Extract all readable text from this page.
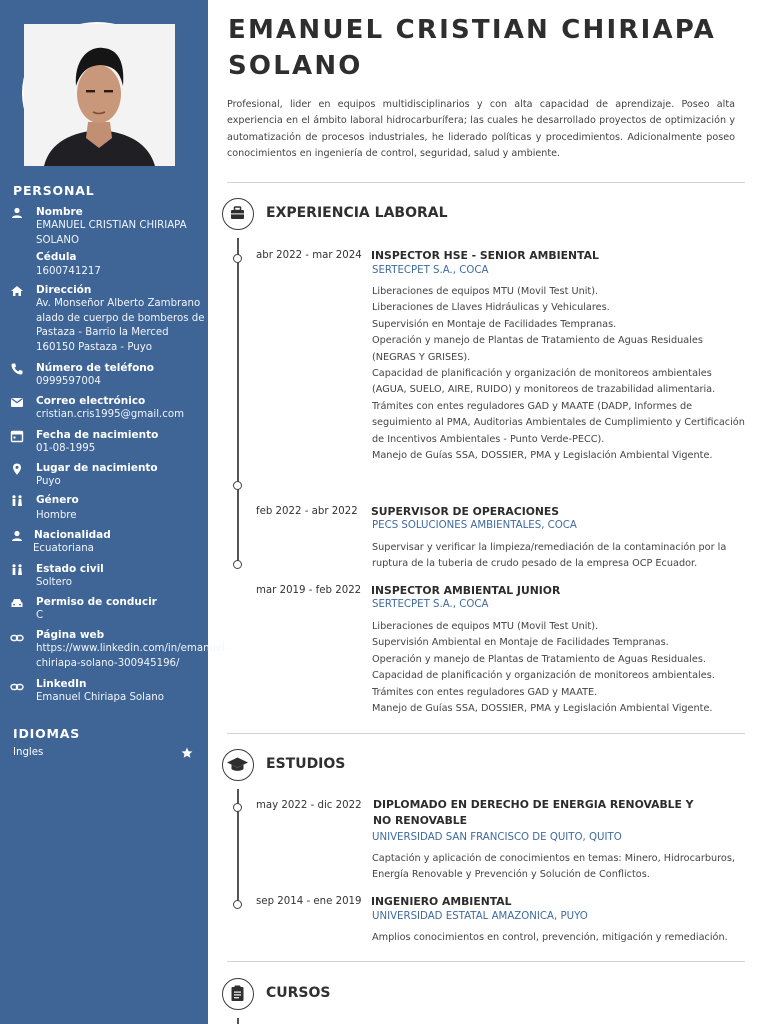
PERSONAL
Nombre
EMANUEL CRISTIAN CHIRIAPA
SOLANO
Cédula
1600741217
Dirección
Av. Monseñor Alberto Zambrano
alado de cuerpo de bomberos de
Pastaza - Barrio la Merced
160150 Pastaza - Puyo
Número de teléfono
0999597004
Correo electrónico
cristian.cris1995@gmail.com
Fecha de nacimiento
01-08-1995
Lugar de nacimiento
Puyo
Género
Hombre
Nacionalidad
Ecuatoriana
Estado civil
Soltero
Permiso de conducir
C
Página web
https://www.linkedin.com/in/emanuel-
chiriapa-solano-300945196/
LinkedIn
Emanuel Chiriapa Solano
IDIOMAS
Ingles
EMANUEL CRISTIAN CHIRIAPA
SOLANO
Profesional, lider en equipos multidisciplinarios y con alta capacidad de aprendizaje. Poseo alta experiencia en el ámbito laboral hidrocarburífera; las cuales he desarrollado proyectos de optimización y automatización de procesos industriales, he liderado políticas y procedimientos. Adicionalmente poseo conocimientos en ingeniería de control, seguridad, salud y ambiente.
EXPERIENCIA LABORAL
abr 2022 - mar 2024 INSPECTOR HSE - SENIOR AMBIENTAL
SERTECPET S.A., COCA

Liberaciones de equipos MTU (Movil Test Unit).

Liberaciones de Llaves Hidráulicas y Vehiculares.

Supervisión en Montaje de Facilidades Tempranas.

Operación y manejo de Plantas de Tratamiento de Aguas Residuales

(NEGRAS Y GRISES).

Capacidad de planificación y organización de monitoreos ambientales

(AGUA, SUELO, AIRE, RUIDO) y monitoreos de trazabilidad alimentaria.

Trámites con entes reguladores GAD y MAATE (DADP, Informes de

seguimiento al PMA, Auditorias Ambientales de Cumplimiento y Certificación

de Incentivos Ambientales - Punto Verde-PECC).

Manejo de Guías SSA, DOSSIER, PMA y Legislación Ambiental Vigente.

feb 2022 - abr 2022 SUPERVISOR DE OPERACIONES
PECS SOLUCIONES AMBIENTALES, COCA

Supervisar y verificar la limpieza/remediación de la contaminación por la

ruptura de la tuberia de crudo pesado de la empresa OCP Ecuador.

mar 2019 - feb 2022 INSPECTOR AMBIENTAL JUNIOR
SERTECPET S.A., COCA

Liberaciones de equipos MTU (Movil Test Unit).

Supervisión Ambiental en Montaje de Facilidades Tempranas.

Operación y manejo de Plantas de Tratamiento de Aguas Residuales.

Capacidad de planificación y organización de monitoreos ambientales.

Trámites con entes reguladores GAD y MAATE.

Manejo de Guías SSA, DOSSIER, PMA y Legislación Ambiental Vigente.

ESTUDIOS
may 2022 - dic 2022 DIPLOMADO EN DERECHO DE ENERGIA RENOVABLE Y NO RENOVABLE
UNIVERSIDAD SAN FRANCISCO DE QUITO, QUITO

Captación y aplicación de conocimientos en temas: Minero, Hidrocarburos,

Energía Renovable y Prevención y Solución de Conflictos.

sep 2014 - ene 2019 INGENIERO AMBIENTAL
UNIVERSIDAD ESTATAL AMAZONICA, PUYO

Amplios conocimientos en control, prevención, mitigación y remediación.

CURSOS
